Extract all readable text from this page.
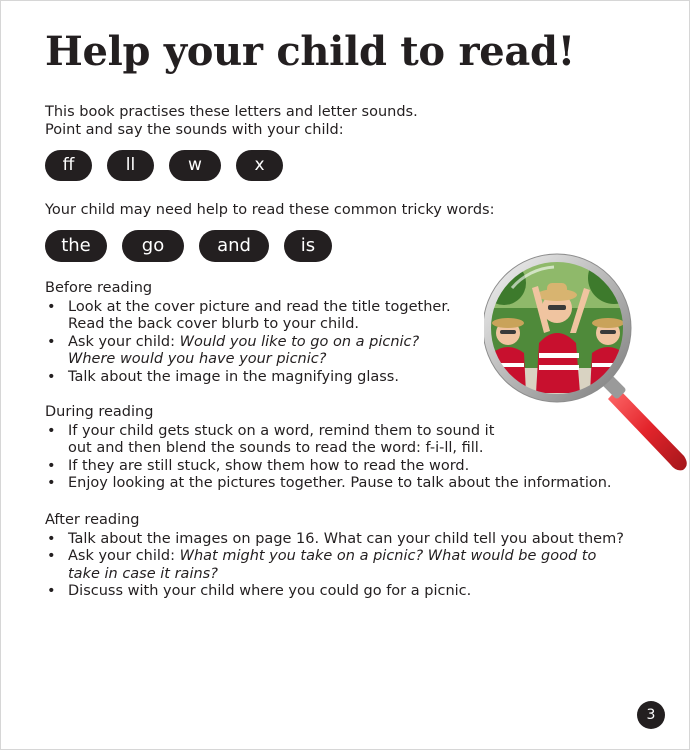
Help your child to read!
This book practises these letters and letter sounds.
Point and say the sounds with your child:
ff	ll	w	x
Your child may need help to read these common tricky words:
the	go	and	is
Before reading
• Look at the cover picture and read the title together.
Read the back cover blurb to your child.
• Ask your child: Would you like to go on a picnic?
Where would you have your picnic?
• Talk about the image in the magnifying glass.
During reading
• If your child gets stuck on a word, remind them to sound it
out and then blend the sounds to read the word: f-i-ll, fill.
• If they are still stuck, show them how to read the word.
• Enjoy looking at the pictures together. Pause to talk about the information.
After reading
• Talk about the images on page 16. What can your child tell you about them?
• Ask your child: What might you take on a picnic? What would be good to
take in case it rains?
• Discuss with your child where you could go for a picnic.
3
